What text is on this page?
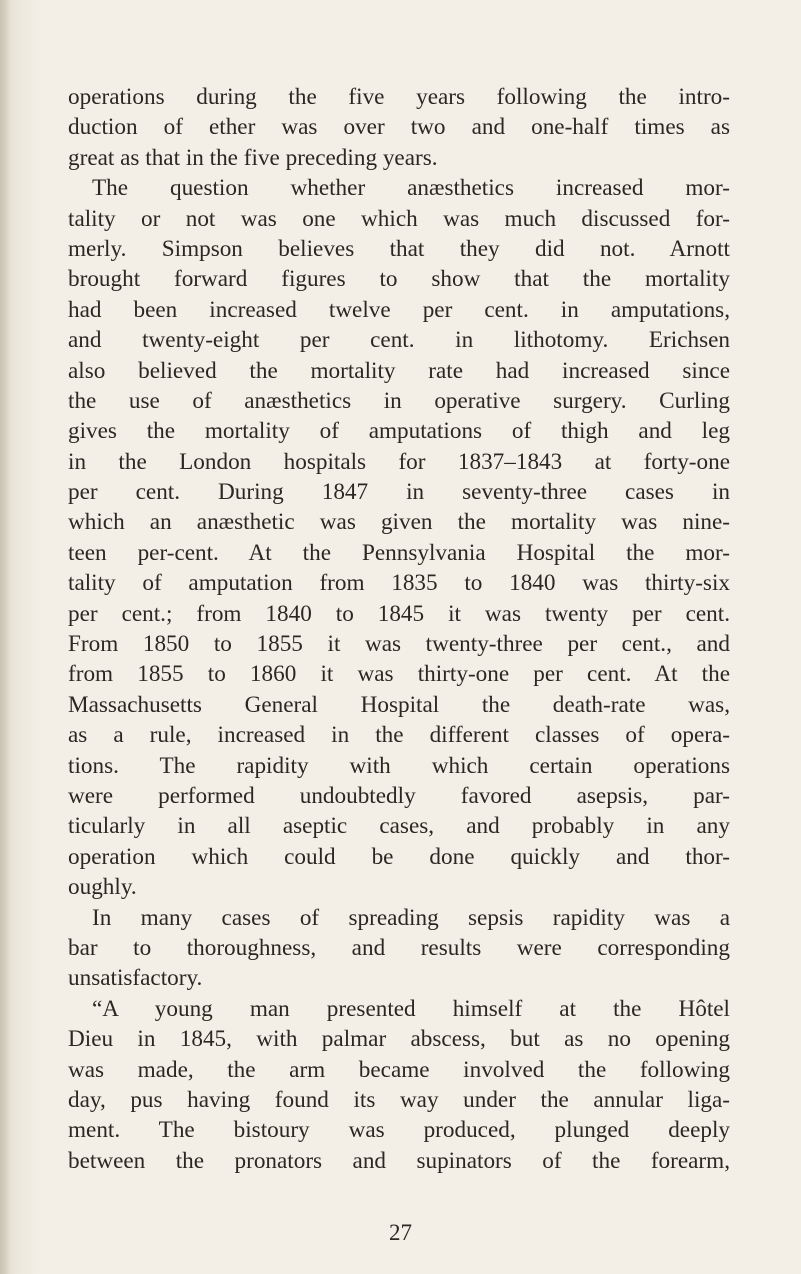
operations during the five years following the intro-
duction of ether was over two and one-half times as
great as that in the five preceding years.
The question whether anæsthetics increased mor-
tality or not was one which was much discussed for-
merly. Simpson believes that they did not. Arnott
brought forward figures to show that the mortality
had been increased twelve per cent. in amputations,
and twenty-eight per cent. in lithotomy. Erichsen
also believed the mortality rate had increased since
the use of anæsthetics in operative surgery. Curling
gives the mortality of amputations of thigh and leg
in the London hospitals for 1837–1843 at forty-one
per cent. During 1847 in seventy-three cases in
which an anæsthetic was given the mortality was nine-
teen per-cent. At the Pennsylvania Hospital the mor-
tality of amputation from 1835 to 1840 was thirty-six
per cent.; from 1840 to 1845 it was twenty per cent.
From 1850 to 1855 it was twenty-three per cent., and
from 1855 to 1860 it was thirty-one per cent. At the
Massachusetts General Hospital the death-rate was,
as a rule, increased in the different classes of opera-
tions. The rapidity with which certain operations
were performed undoubtedly favored asepsis, par-
ticularly in all aseptic cases, and probably in any
operation which could be done quickly and thor-
oughly.
In many cases of spreading sepsis rapidity was a
bar to thoroughness, and results were corresponding
unsatisfactory.
“A young man presented himself at the Hôtel
Dieu in 1845, with palmar abscess, but as no opening
was made, the arm became involved the following
day, pus having found its way under the annular liga-
ment. The bistoury was produced, plunged deeply
between the pronators and supinators of the forearm,
27
